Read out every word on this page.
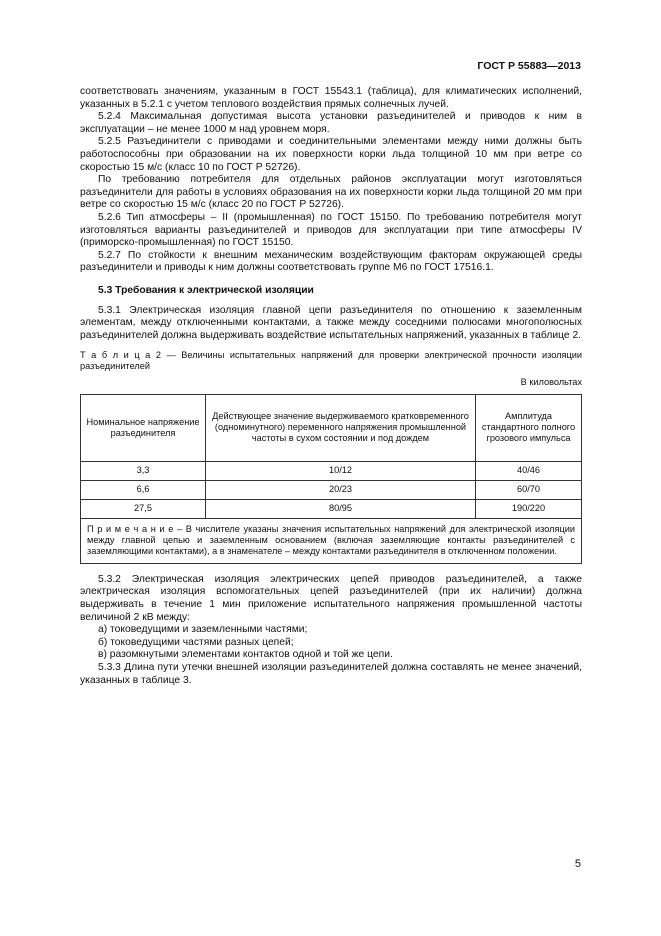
ГОСТ Р 55883—2013

соответствовать значениям, указанным в ГОСТ 15543.1 (таблица), для климатических исполнений, указанных в 5.2.1 с учетом теплового воздействия прямых солнечных лучей.

5.2.4 Максимальная допустимая высота установки разъединителей и приводов к ним в эксплуатации – не менее 1000 м над уровнем моря.

5.2.5 Разъединители с приводами и соединительными элементами между ними должны быть работоспособны при образовании на их поверхности корки льда толщиной 10 мм при ветре со скоростью 15 м/с (класс 10 по ГОСТ Р 52726).

По требованию потребителя для отдельных районов эксплуатации могут изготовляться разъединители для работы в условиях образования на их поверхности корки льда толщиной 20 мм при ветре со скоростью 15 м/с (класс 20 по ГОСТ Р 52726).

5.2.6 Тип атмосферы – II (промышленная) по ГОСТ 15150. По требованию потребителя могут изготовляться варианты разъединителей и приводов для эксплуатации при типе атмосферы IV (приморско-промышленная) по ГОСТ 15150.

5.2.7 По стойкости к внешним механическим воздействующим факторам окружающей среды разъединители и приводы к ним должны соответствовать группе М6 по ГОСТ 17516.1.

5.3 Требования к электрической изоляции

5.3.1 Электрическая изоляция главной цепи разъединителя по отношению к заземленным элементам, между отключенными контактами, а также между соседними полюсами многополюсных разъединителей должна выдерживать воздействие испытательных напряжений, указанных в таблице 2.

Т а б л и ц а 2 — Величины испытательных напряжений для проверки электрической прочности изоляции разъединителей

В киловольтах

Номинальное напряжение разъединителя	Действующее значение выдерживаемого кратковременного (одноминутного) переменного напряжения промышленной частоты в сухом состоянии и под дождем	Амплитуда стандартного полного грозового импульса
3,3	10/12	40/46
6,6	20/23	60/70
27,5	80/95	190/220
П р и м е ч а н и е – В числителе указаны значения испытательных напряжений для электрической изоляции между главной цепью и заземленным основанием (включая заземляющие контакты разъединителей с заземляющими контактами), а в знаменателе – между контактами разъединителя в отключенном положении.		

5.3.2 Электрическая изоляция электрических цепей приводов разъединителей, а также электрическая изоляция вспомогательных цепей разъединителей (при их наличии) должна выдерживать в течение 1 мин приложение испытательного напряжения промышленной частоты величиной 2 кВ между:

а) токоведущими и заземленными частями;

б) токоведущими частями разных цепей;

в) разомкнутыми элементами контактов одной и той же цепи.

5.3.3 Длина пути утечки внешней изоляции разъединителей должна составлять не менее значений, указанных в таблице 3.

5
